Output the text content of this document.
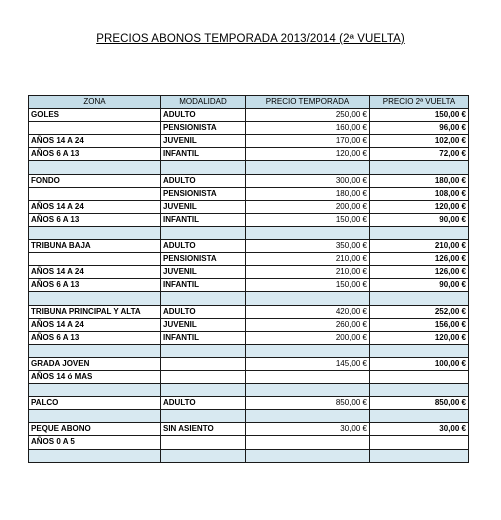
PRECIOS ABONOS TEMPORADA 2013/2014 (2ª VUELTA)
ZONA	MODALIDAD	PRECIO TEMPORADA	PRECIO 2ª VUELTA
GOLES	ADULTO	250,00 €	150,00 €
	PENSIONISTA	160,00 €	96,00 €
AÑOS 14 A 24	JUVENIL	170,00 €	102,00 €
AÑOS 6 A 13	INFANTIL	120,00 €	72,00 €

FONDO	ADULTO	300,00 €	180,00 €
	PENSIONISTA	180,00 €	108,00 €
AÑOS 14 A 24	JUVENIL	200,00 €	120,00 €
AÑOS 6 A 13	INFANTIL	150,00 €	90,00 €

TRIBUNA BAJA	ADULTO	350,00 €	210,00 €
	PENSIONISTA	210,00 €	126,00 €
AÑOS 14 A 24	JUVENIL	210,00 €	126,00 €
AÑOS 6 A 13	INFANTIL	150,00 €	90,00 €

TRIBUNA PRINCIPAL Y ALTA	ADULTO	420,00 €	252,00 €
AÑOS 14 A 24	JUVENIL	260,00 €	156,00 €
AÑOS 6 A 13	INFANTIL	200,00 €	120,00 €

GRADA JOVEN		145,00 €	100,00 €
AÑOS 14 ó MAS			

PALCO	ADULTO	850,00 €	850,00 €

PEQUE ABONO	SIN ASIENTO	30,00 €	30,00 €
AÑOS 0 A 5			
